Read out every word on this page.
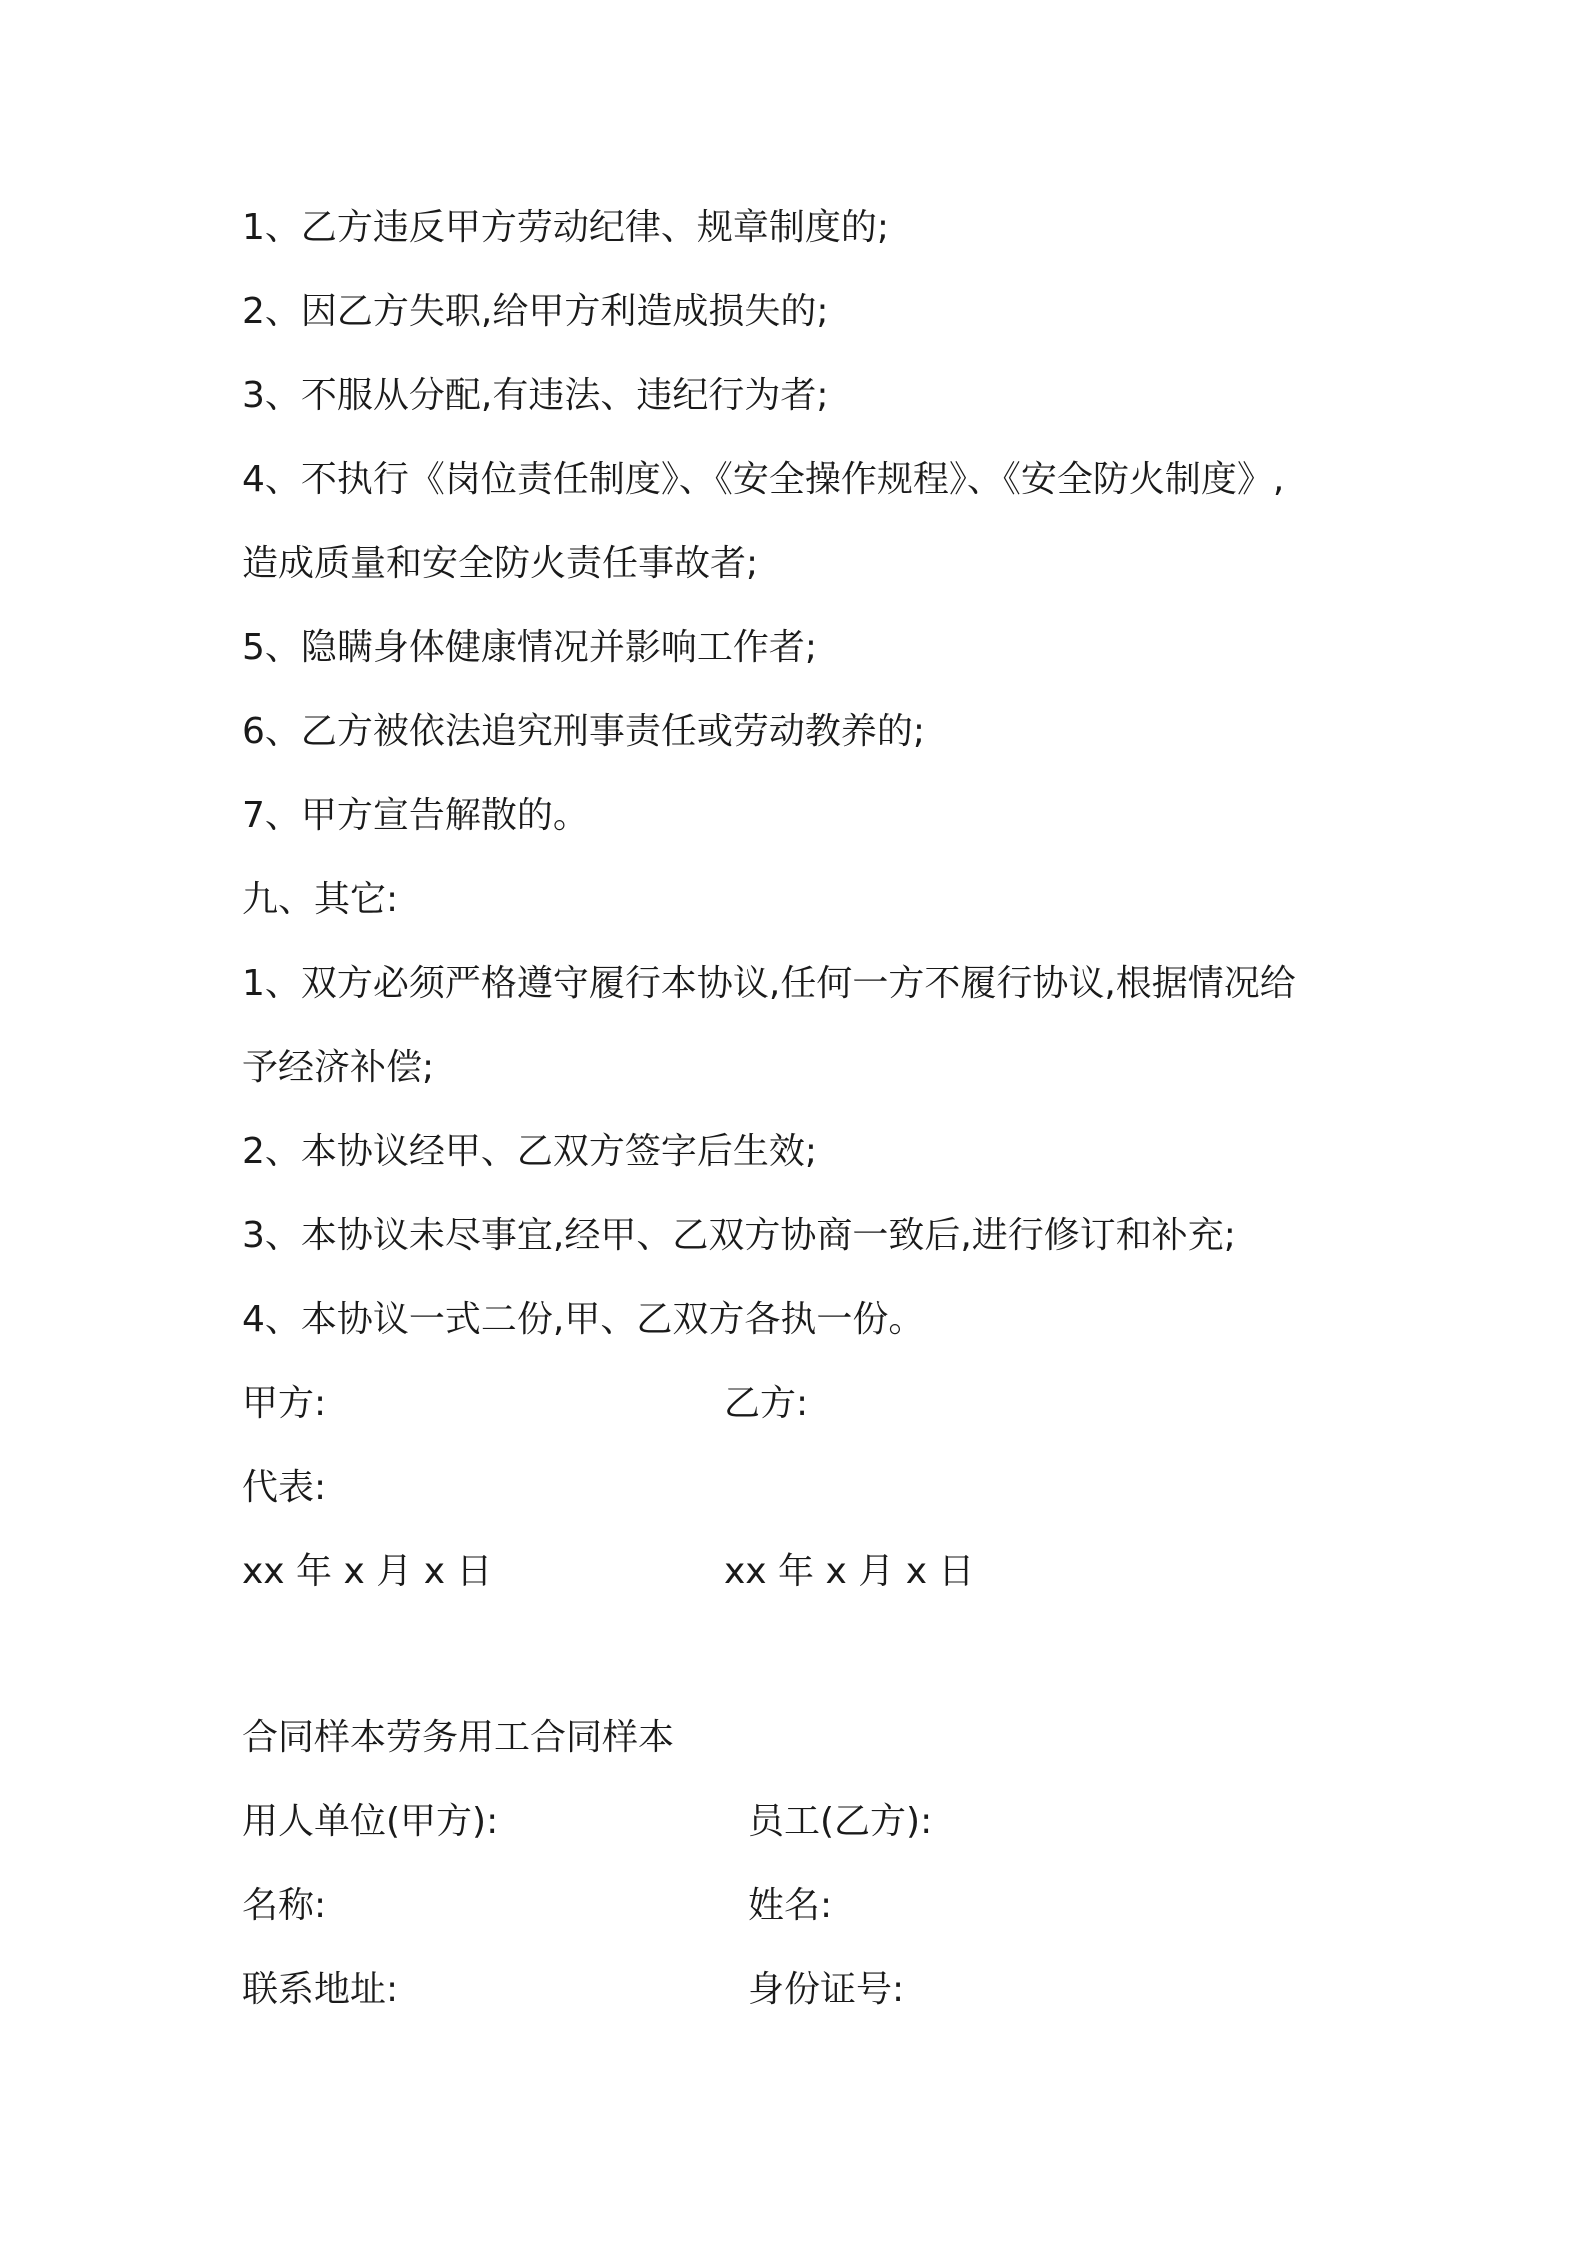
1、乙方违反甲方劳动纪律、规章制度的;
2、因乙方失职,给甲方利造成损失的;
3、不服从分配,有违法、违纪行为者;
4、不执行《岗位责任制度》、《安全操作规程》、《安全防火制度》,
造成质量和安全防火责任事故者;
5、隐瞒身体健康情况并影响工作者;
6、乙方被依法追究刑事责任或劳动教养的;
7、甲方宣告解散的。
九、其它:
1、双方必须严格遵守履行本协议,任何一方不履行协议,根据情况给
予经济补偿;
2、本协议经甲、乙双方签字后生效;
3、本协议未尽事宜,经甲、乙双方协商一致后,进行修订和补充;
4、本协议一式二份,甲、乙双方各执一份。
甲方:	乙方:
代表:
xx 年 x 月 x 日	xx 年 x 月 x 日
合同样本劳务用工合同样本
用人单位(甲方):	员工(乙方):
名称:	姓名:
联系地址:	身份证号:
